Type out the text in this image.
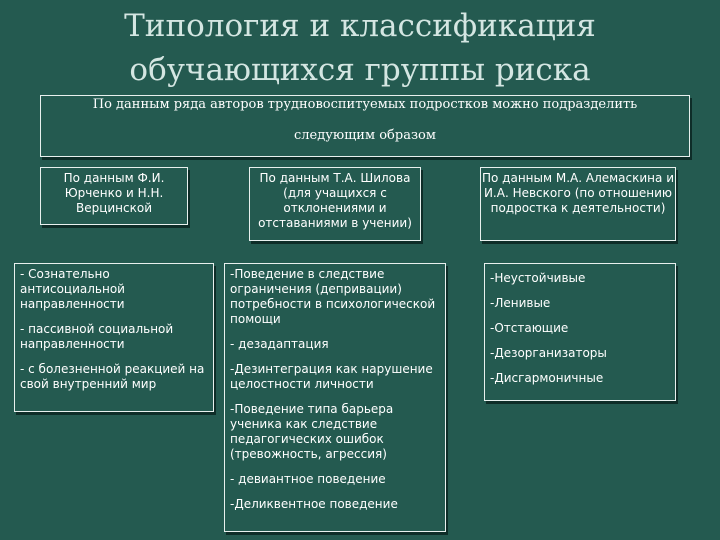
Типология и классификация
обучающихся группы риска
По данным ряда авторов трудновоспитуемых подростков можно подразделить
следующим образом
По данным Ф.И. Юрченко и Н.Н. Верцинской

- Сознательно антисоциальной направленности

- пассивной социальной направленности

- с болезненной реакцией на свой внутренний мир

По данным Т.А. Шилова (для учащихся с отклонениями и отставаниями в учении)

-Поведение в следствие ограничения (депривации) потребности в психологической помощи

- дезадаптация

-Дезинтеграция как нарушение целостности личности

-Поведение типа барьера ученика как следствие педагогических ошибок (тревожность, агрессия)

- девиантное поведение

-Деликвентное поведение

По данным М.А. Алемаскина и И.А. Невского (по отношению подростка к деятельности)
-Неустойчивые
-Ленивые
-Отстающие
-Дезорганизаторы
-Дисгармоничные
